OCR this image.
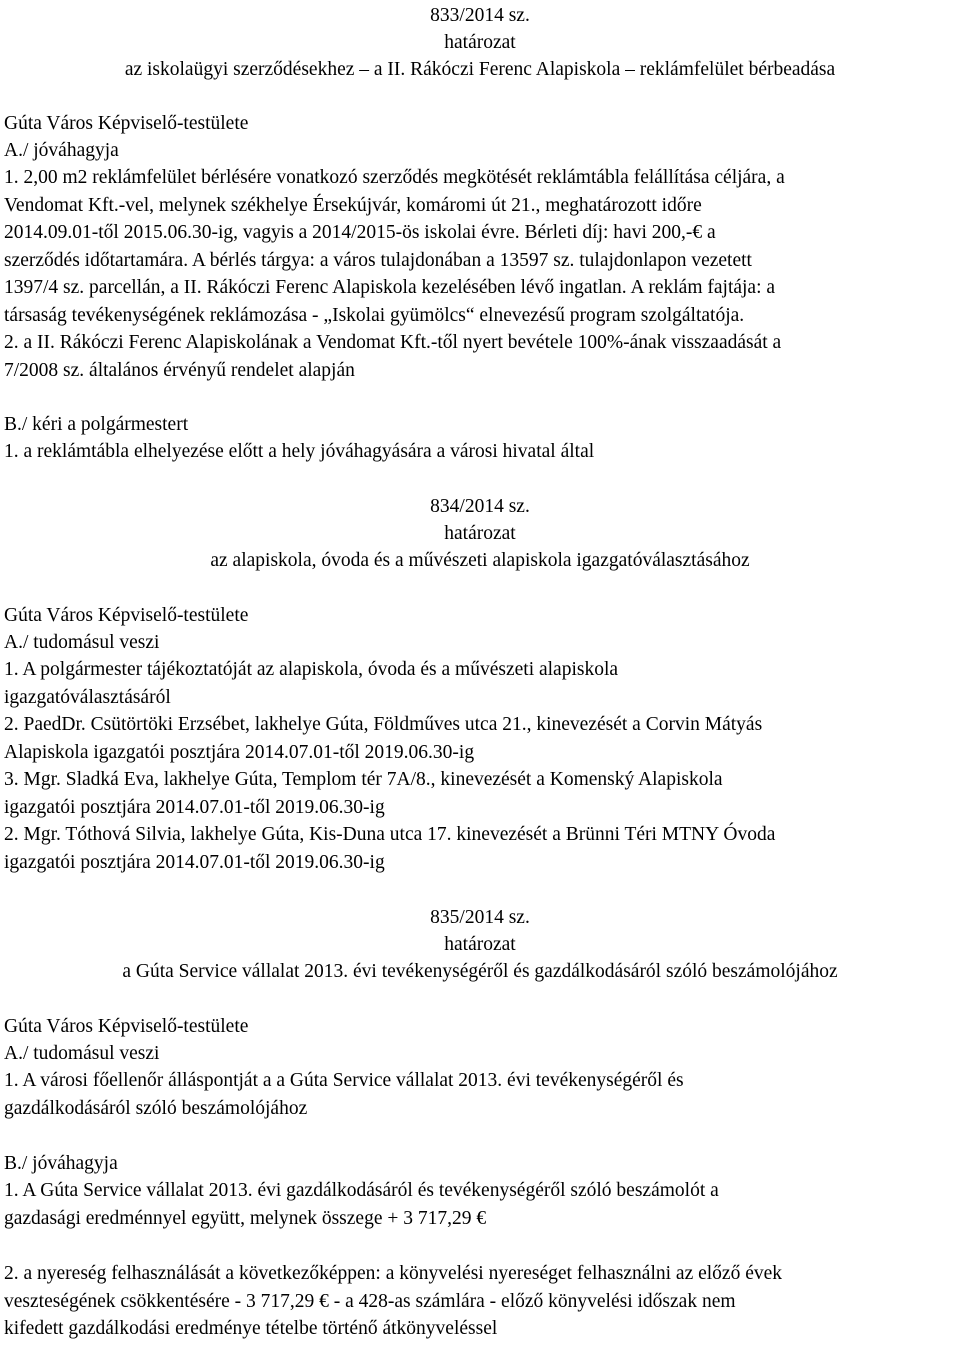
833/2014 sz.
határozat
az iskolaügyi szerződésekhez – a II. Rákóczi Ferenc Alapiskola – reklámfelület bérbeadása
Gúta Város Képviselő-testülete
A./ jóváhagyja
1. 2,00 m2 reklámfelület bérlésére vonatkozó szerződés megkötését reklámtábla felállítása céljára, a
Vendomat Kft.-vel, melynek székhelye Érsekújvár, komáromi út 21., meghatározott időre
2014.09.01-től 2015.06.30-ig, vagyis a 2014/2015-ös iskolai évre. Bérleti díj: havi 200,-€ a
szerződés időtartamára. A bérlés tárgya: a város tulajdonában a 13597 sz. tulajdonlapon vezetett
1397/4 sz. parcellán, a II. Rákóczi Ferenc Alapiskola kezelésében lévő ingatlan. A reklám fajtája: a
társaság tevékenységének reklámozása - „Iskolai gyümölcs“ elnevezésű program szolgáltatója.
2. a II. Rákóczi Ferenc Alapiskolának a Vendomat Kft.-től nyert bevétele 100%-ának visszaadását a
7/2008 sz. általános érvényű rendelet alapján
B./ kéri a polgármestert
1. a reklámtábla elhelyezése előtt a hely jóváhagyására a városi hivatal által
834/2014 sz.
határozat
az alapiskola, óvoda és a művészeti alapiskola igazgatóválasztásához
Gúta Város Képviselő-testülete
A./ tudomásul veszi
1. A polgármester tájékoztatóját az alapiskola, óvoda és a művészeti alapiskola
igazgatóválasztásáról
2. PaedDr. Csütörtöki Erzsébet, lakhelye Gúta, Földműves utca 21., kinevezését a Corvin Mátyás
Alapiskola igazgatói posztjára 2014.07.01-től 2019.06.30-ig
3. Mgr. Sladká Eva, lakhelye Gúta, Templom tér 7A/8., kinevezését a Komenský Alapiskola
igazgatói posztjára 2014.07.01-től 2019.06.30-ig
2. Mgr. Tóthová Silvia, lakhelye Gúta, Kis-Duna utca 17. kinevezését a Brünni Téri MTNY Óvoda
igazgatói posztjára 2014.07.01-től 2019.06.30-ig
835/2014 sz.
határozat
a Gúta Service vállalat 2013. évi tevékenységéről és gazdálkodásáról szóló beszámolójához
Gúta Város Képviselő-testülete
A./ tudomásul veszi
1. A városi főellenőr álláspontját a a Gúta Service vállalat 2013. évi tevékenységéről és
gazdálkodásáról szóló beszámolójához
B./ jóváhagyja
1. A Gúta Service vállalat 2013. évi gazdálkodásáról és tevékenységéről szóló beszámolót a
gazdasági eredménnyel együtt, melynek összege + 3 717,29 €
2. a nyereség felhasználását a következőképpen: a könyvelési nyereséget felhasználni az előző évek
veszteségének csökkentésére - 3 717,29 € - a 428-as számlára - előző könyvelési időszak nem
kifedett gazdálkodási eredménye tételbe történő átkönyveléssel
